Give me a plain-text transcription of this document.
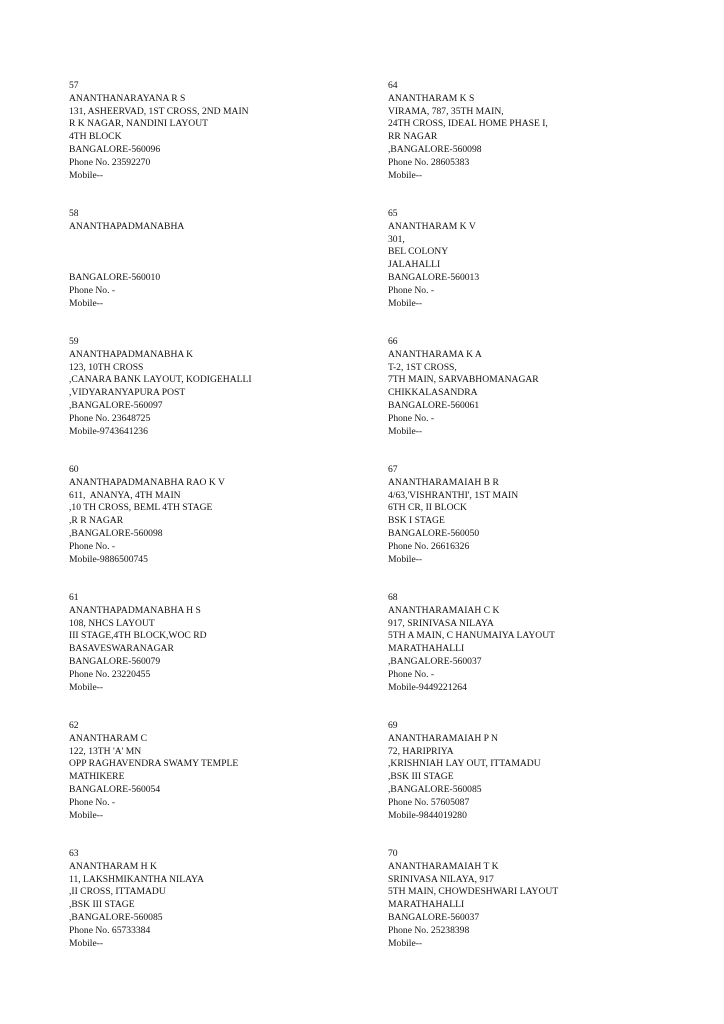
57
ANANTHANARAYANA R S
131, ASHEERVAD, 1ST CROSS, 2ND MAIN
R K NAGAR, NANDINI LAYOUT
4TH BLOCK
BANGALORE-560096
Phone No. 23592270
Mobile--
58
ANANTHAPADMANABHA
BANGALORE-560010
Phone No. -
Mobile--
59
ANANTHAPADMANABHA K
123, 10TH CROSS
,CANARA BANK LAYOUT, KODIGEHALLI
,VIDYARANYAPURA POST
,BANGALORE-560097
Phone No. 23648725
Mobile-9743641236
60
ANANTHAPADMANABHA RAO K V
611,  ANANYA, 4TH MAIN
,10 TH CROSS, BEML 4TH STAGE
,R R NAGAR
,BANGALORE-560098
Phone No. -
Mobile-9886500745
61
ANANTHAPADMANABHA H S
108, NHCS LAYOUT
III STAGE,4TH BLOCK,WOC RD
BASAVESWARANAGAR
BANGALORE-560079
Phone No. 23220455
Mobile--
62
ANANTHARAM C
122, 13TH 'A' MN
OPP RAGHAVENDRA SWAMY TEMPLE
MATHIKERE
BANGALORE-560054
Phone No. -
Mobile--
63
ANANTHARAM H K
11, LAKSHMIKANTHA NILAYA
,II CROSS, ITTAMADU
,BSK III STAGE
,BANGALORE-560085
Phone No. 65733384
Mobile--
64
ANANTHARAM K S
VIRAMA, 787, 35TH MAIN,
24TH CROSS, IDEAL HOME PHASE I,
RR NAGAR
,BANGALORE-560098
Phone No. 28605383
Mobile--
65
ANANTHARAM K V
301,
BEL COLONY
JALAHALLI
BANGALORE-560013
Phone No. -
Mobile--
66
ANANTHARAMA K A
T-2, 1ST CROSS,
7TH MAIN, SARVABHOMANAGAR
CHIKKALASANDRA
BANGALORE-560061
Phone No. -
Mobile--
67
ANANTHARAMAIAH B R
4/63,'VISHRANTHI', 1ST MAIN
6TH CR, II BLOCK
BSK I STAGE
BANGALORE-560050
Phone No. 26616326
Mobile--
68
ANANTHARAMAIAH C K
917, SRINIVASA NILAYA
5TH A MAIN, C HANUMAIYA LAYOUT
MARATHAHALLI
,BANGALORE-560037
Phone No. -
Mobile-9449221264
69
ANANTHARAMAIAH P N
72, HARIPRIYA
,KRISHNIAH LAY OUT, ITTAMADU
,BSK III STAGE
,BANGALORE-560085
Phone No. 57605087
Mobile-9844019280
70
ANANTHARAMAIAH T K
SRINIVASA NILAYA, 917
5TH MAIN, CHOWDESHWARI LAYOUT
MARATHAHALLI
BANGALORE-560037
Phone No. 25238398
Mobile--
